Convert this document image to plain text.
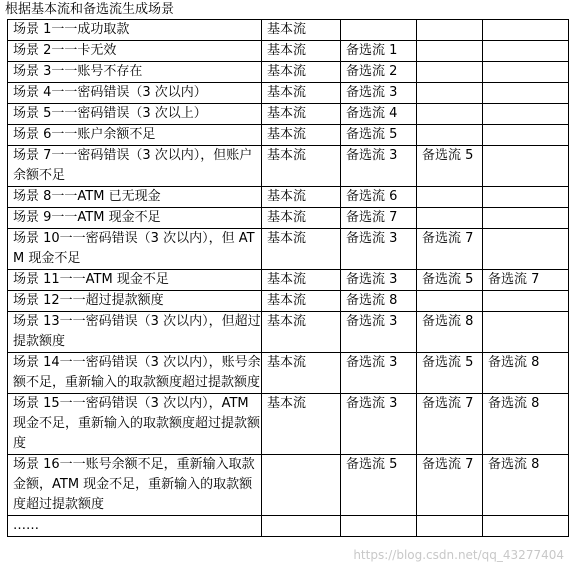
根据基本流和备选流生成场景
场景 1一一成功取款	基本流			
场景 2一一卡无效	基本流	备选流 1		
场景 3一一账号不存在	基本流	备选流 2		
场景 4一一密码错误（3 次以内）	基本流	备选流 3		
场景 5一一密码错误（3 次以上）	基本流	备选流 4		
场景 6一一账户余额不足	基本流	备选流 5		
场景 7一一密码错误（3 次以内），但账户余额不足	基本流	备选流 3	备选流 5	
场景 8一一ATM 已无现金	基本流	备选流 6		
场景 9一一ATM 现金不足	基本流	备选流 7		
场景 10一一密码错误（3 次以内），但 ATM 现金不足	基本流	备选流 3	备选流 7	
场景 11一一ATM 现金不足	基本流	备选流 3	备选流 5	备选流 7
场景 12一一超过提款额度	基本流	备选流 8		
场景 13一一密码错误（3 次以内），但超过提款额度	基本流	备选流 3	备选流 8	
场景 14一一密码错误（3 次以内），账号余额不足，重新输入的取款额度超过提款额度	基本流	备选流 3	备选流 5	备选流 8
场景 15一一密码错误（3 次以内），ATM 现金不足，重新输入的取款额度超过提款额度	基本流	备选流 3	备选流 7	备选流 8
场景 16一一账号余额不足，重新输入取款金额，ATM 现金不足，重新输入的取款额度超过提款额度		备选流 5	备选流 7	备选流 8
……				
https://blog.csdn.net/qq_43277404
